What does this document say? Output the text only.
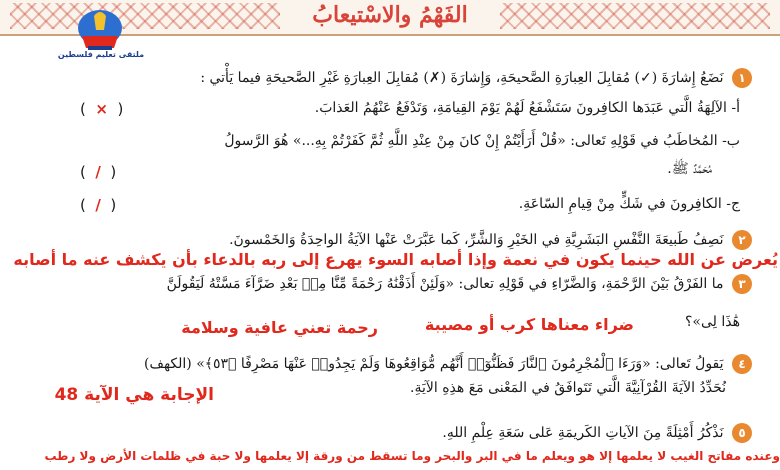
الفَهْمُ والاسْتيعابُ
ملتقى تعليم فلسطين
١ نَضَعُ إِشارَةَ (✓) مُقابِلَ العِبارَةِ الصَّحيحَةِ، وَإِشارَةَ (✗) مُقابِلَ العِبارَةِ غَيْرِ الصَّحيحَةِ فيما يَأْتي :
أ- الآلِهَةُ الَّتي عَبَدَها الكافِرونَ سَتَشْفَعُ لَهُمْ يَوْمَ القِيامَةِ، وَتَدْفَعُ عَنْهُمُ العَذابَ.
(  ×  )
ب- المُخاطَبُ في قَوْلِهِ تَعالى: «قُلْ أَرَأَيْتُمْ إِنْ كانَ مِنْ عِنْدِ اللَّهِ ثُمَّ كَفَرْتُمْ بِهِ...» هُوَ الرَّسولُ
مُحَمَّدٌ ﷺ.
(  /  )
ج- الكافِرونَ في شَكٍّ مِنْ قِيامِ السّاعَةِ.
(  /  )
٢ نَصِفُ طَبيعَةَ النَّفْسِ البَشَرِيَّةِ في الخَيْرِ وَالشَّرِّ، كَما عَبَّرَتْ عَنْها الآيَةُ الواحِدَةُ وَالخَمْسونَ.
يُعرض عن الله حينما يكون في نعمة وإذا أصابه السوء يهرع إلى ربه بالدعاء بأن يكشف عنه ما أصابه
٣ ما الفَرْقُ بَيْنَ الرَّحْمَةِ، وَالضَّرّاءِ في قَوْلِهِ تعالى: «وَلَئِنْ أَذَقْنَٰهُ رَحْمَةً مِّنَّا مِنۢ بَعْدِ ضَرَّآءَ مَسَّتْهُ لَيَقُولَنَّ
هَٰذَا لِى»؟
رحمة تعني عافية وسلامة	ضراء معناها كرب أو مصيبة
٤ يَقولُ تَعالى: «وَرَءَا ٱلْمُجْرِمُونَ ٱلنَّارَ فَظَنُّوٓا۟ أَنَّهُم مُّوَاقِعُوهَا وَلَمْ يَجِدُوا۟ عَنْهَا مَصْرِفًا ﴿٥٣﴾» (الكهف)
نُحَدِّدُ الآيَةَ القُرْآنِيَّةَ الَّتي تَتَوافَقُ في المَعْنى مَعَ هذِهِ الآيَةِ.
الإجابة هي الآية 48
٥ نَذْكُرُ أَمْثِلَةً مِنَ الآياتِ الكَريمَةِ عَلى سَعَةِ عِلْمِ اللهِ.
وعنده مفاتح الغيب لا يعلمها إلا هو ويعلم ما في البر والبحر وما تسقط من ورقة إلا يعلمها ولا حبة في ظلمات الأرض ولا رطب
